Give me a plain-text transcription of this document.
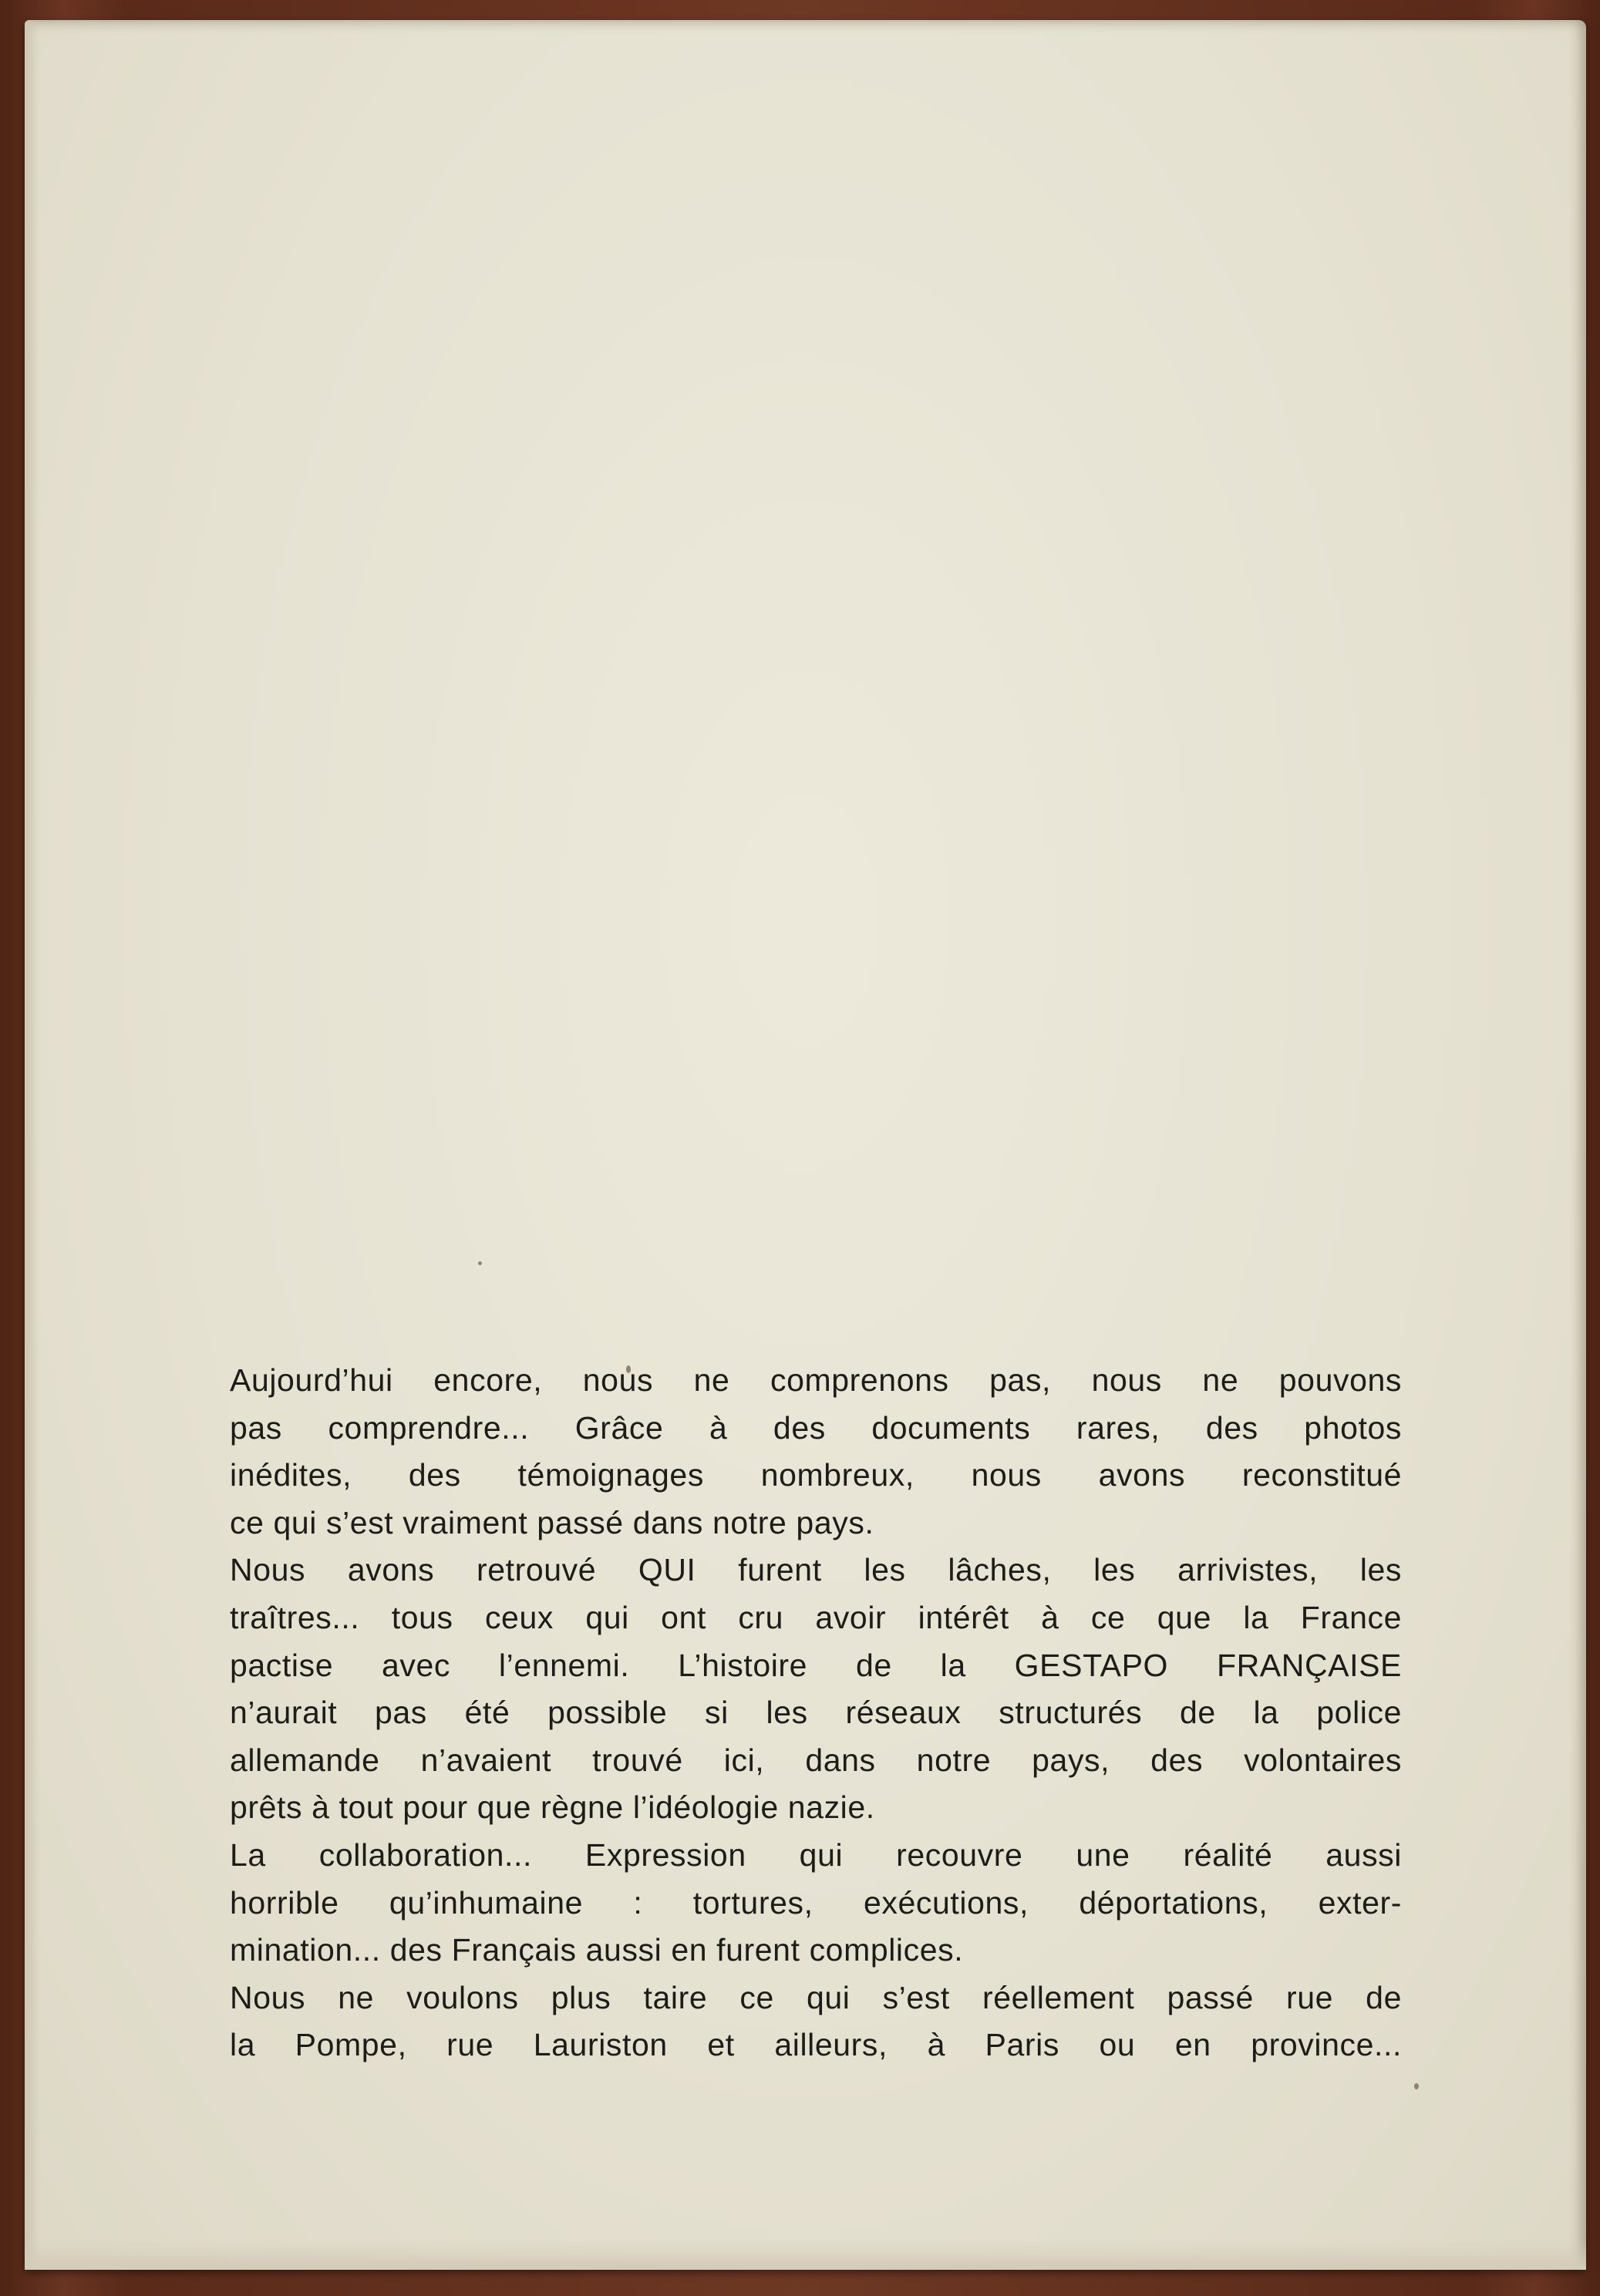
Aujourd’hui encore, nous ne comprenons pas, nous ne pouvons
pas comprendre... Grâce à des documents rares, des photos
inédites, des témoignages nombreux, nous avons reconstitué
ce qui s’est vraiment passé dans notre pays.

Nous avons retrouvé QUI furent les lâches, les arrivistes, les
traîtres... tous ceux qui ont cru avoir intérêt à ce que la France
pactise avec l’ennemi. L’histoire de la GESTAPO FRANÇAISE
n’aurait pas été possible si les réseaux structurés de la police
allemande n’avaient trouvé ici, dans notre pays, des volontaires
prêts à tout pour que règne l’idéologie nazie.

La collaboration... Expression qui recouvre une réalité aussi
horrible qu’inhumaine : tortures, exécutions, déportations, exter-
mination... des Français aussi en furent complices.

Nous ne voulons plus taire ce qui s’est réellement passé rue de
la Pompe, rue Lauriston et ailleurs, à Paris ou en province...
